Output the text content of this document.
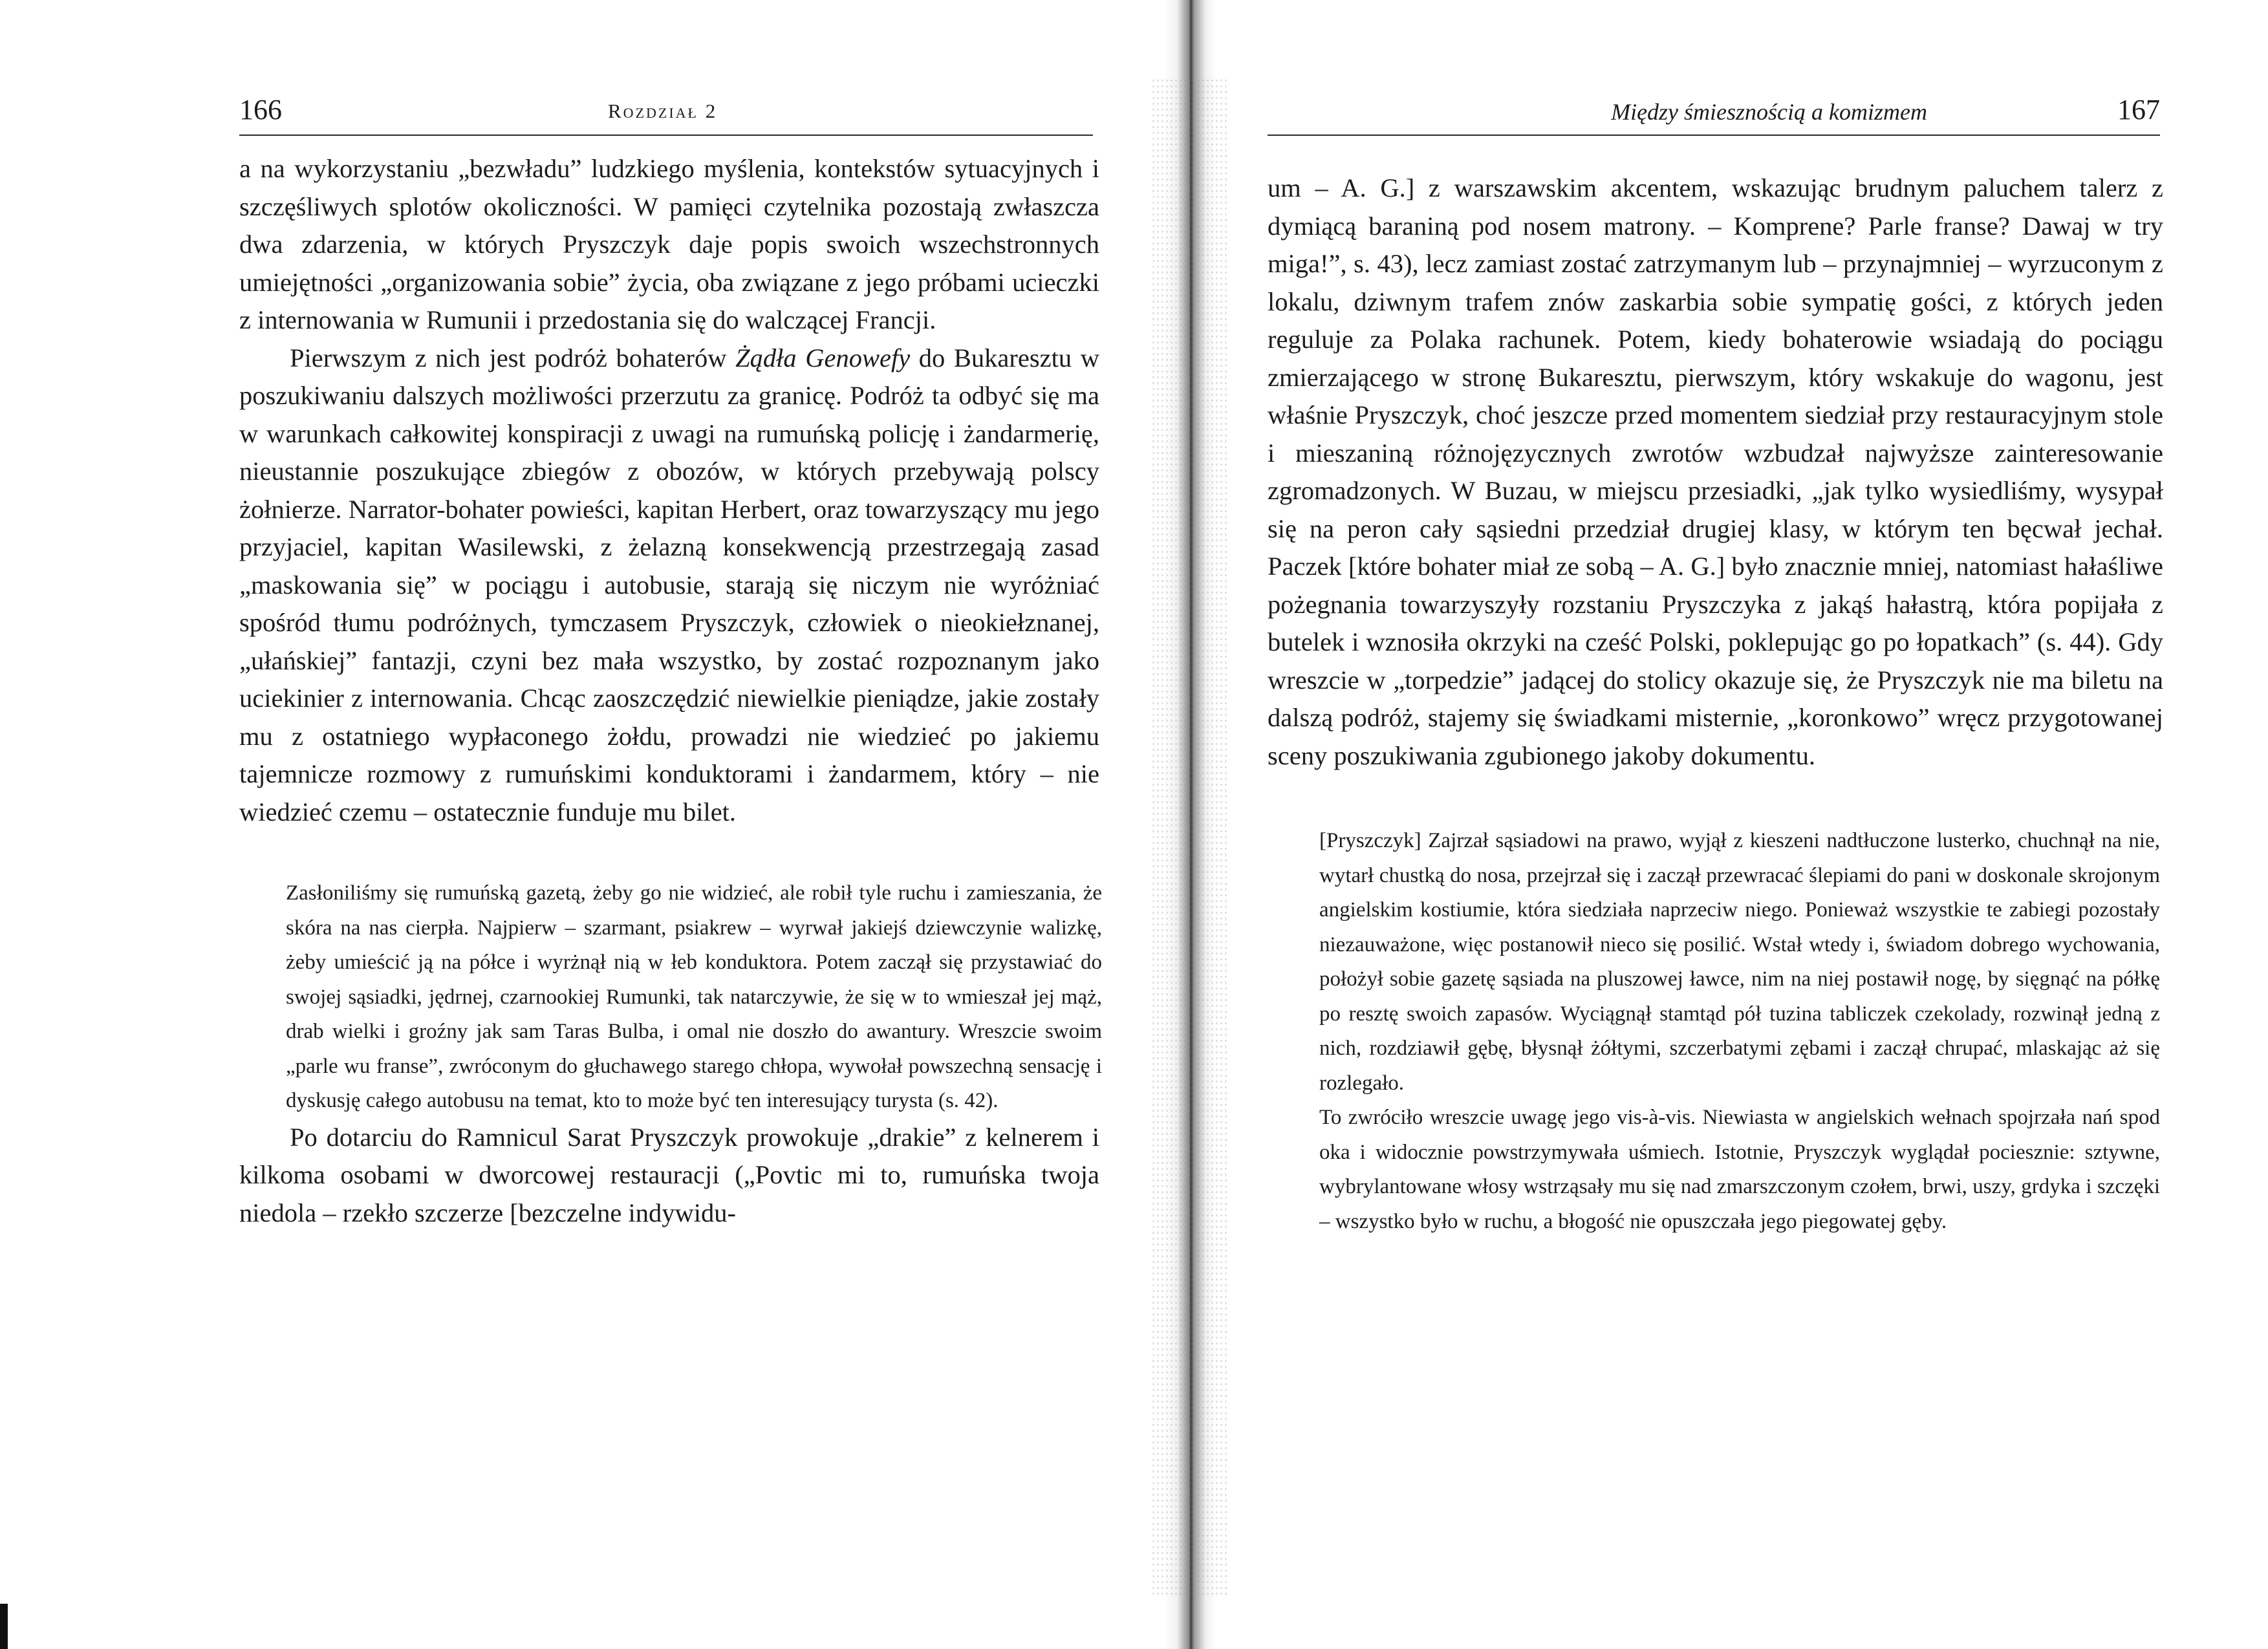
166	Rozdział 2

a na wykorzystaniu „bezwładu” ludzkiego myślenia, kontekstów sytuacyjnych i szczęśliwych splotów okoliczności. W pamięci czytelnika pozostają zwłaszcza dwa zdarzenia, w których Pryszczyk daje popis swoich wszechstronnych umiejętności „organizowania sobie” życia, oba związane z jego próbami ucieczki z internowania w Rumunii i przedostania się do walczącej Francji.

Pierwszym z nich jest podróż bohaterów Żądła Genowefy do Bukaresztu w poszukiwaniu dalszych możliwości przerzutu za granicę. Podróż ta odbyć się ma w warunkach całkowitej konspiracji z uwagi na rumuńską policję i żandarmerię, nieustannie poszukujące zbiegów z obozów, w których przebywają polscy żołnierze. Narrator-bohater powieści, kapitan Herbert, oraz towarzyszący mu jego przyjaciel, kapitan Wasilewski, z żelazną konsekwencją przestrzegają zasad „maskowania się” w pociągu i autobusie, starają się niczym nie wyróżniać spośród tłumu podróżnych, tymczasem Pryszczyk, człowiek o nieokiełznanej, „ułańskiej” fantazji, czyni bez mała wszystko, by zostać rozpoznanym jako uciekinier z internowania. Chcąc zaoszczędzić niewielkie pieniądze, jakie zostały mu z ostatniego wypłaconego żołdu, prowadzi nie wiedzieć po jakiemu tajemnicze rozmowy z rumuńskimi konduktorami i żandarmem, który – nie wiedzieć czemu – ostatecznie funduje mu bilet.

Zasłoniliśmy się rumuńską gazetą, żeby go nie widzieć, ale robił tyle ruchu i zamieszania, że skóra na nas cierpła. Najpierw – szarmant, psiakrew – wyrwał jakiejś dziewczynie walizkę, żeby umieścić ją na półce i wyrżnął nią w łeb konduktora. Potem zaczął się przystawiać do swojej sąsiadki, jędrnej, czarnookiej Rumunki, tak natarczywie, że się w to wmieszał jej mąż, drab wielki i groźny jak sam Taras Bulba, i omal nie doszło do awantury. Wreszcie swoim „parle wu franse”, zwróconym do głuchawego starego chłopa, wywołał powszechną sensację i dyskusję całego autobusu na temat, kto to może być ten interesujący turysta (s. 42).

Po dotarciu do Ramnicul Sarat Pryszczyk prowokuje „drakie” z kelnerem i kilkoma osobami w dworcowej restauracji („Povtic mi to, rumuńska twoja niedola – rzekło szczerze [bezczelne indywidu-

Między śmiesznością a komizmem	167

um – A. G.] z warszawskim akcentem, wskazując brudnym paluchem talerz z dymiącą baraniną pod nosem matrony. – Komprene? Parle franse? Dawaj w try miga!”, s. 43), lecz zamiast zostać zatrzymanym lub – przynajmniej – wyrzuconym z lokalu, dziwnym trafem znów zaskarbia sobie sympatię gości, z których jeden reguluje za Polaka rachunek. Potem, kiedy bohaterowie wsiadają do pociągu zmierzającego w stronę Bukaresztu, pierwszym, który wskakuje do wagonu, jest właśnie Pryszczyk, choć jeszcze przed momentem siedział przy restauracyjnym stole i mieszaniną różnojęzycznych zwrotów wzbudzał najwyższe zainteresowanie zgromadzonych. W Buzau, w miejscu przesiadki, „jak tylko wysiedliśmy, wysypał się na peron cały sąsiedni przedział drugiej klasy, w którym ten bęcwał jechał. Paczek [które bohater miał ze sobą – A. G.] było znacznie mniej, natomiast hałaśliwe pożegnania towarzyszyły rozstaniu Pryszczyka z jakąś hałastrą, która popijała z butelek i wznosiła okrzyki na cześć Polski, poklepując go po łopatkach” (s. 44). Gdy wreszcie w „torpedzie” jadącej do stolicy okazuje się, że Pryszczyk nie ma biletu na dalszą podróż, stajemy się świadkami misternie, „koronkowo” wręcz przygotowanej sceny poszukiwania zgubionego jakoby dokumentu.

[Pryszczyk] Zajrzał sąsiadowi na prawo, wyjął z kieszeni nadtłuczone lusterko, chuchnął na nie, wytarł chustką do nosa, przejrzał się i zaczął przewracać ślepiami do pani w doskonale skrojonym angielskim kostiumie, która siedziała naprzeciw niego. Ponieważ wszystkie te zabiegi pozostały niezauważone, więc postanowił nieco się posilić. Wstał wtedy i, świadom dobrego wychowania, położył sobie gazetę sąsiada na pluszowej ławce, nim na niej postawił nogę, by sięgnąć na półkę po resztę swoich zapasów. Wyciągnął stamtąd pół tuzina tabliczek czekolady, rozwinął jedną z nich, rozdziawił gębę, błysnął żółtymi, szczerbatymi zębami i zaczął chrupać, mlaskając aż się rozlegało.

To zwróciło wreszcie uwagę jego vis-à-vis. Niewiasta w angielskich wełnach spojrzała nań spod oka i widocznie powstrzymywała uśmiech. Istotnie, Pryszczyk wyglądał pociesznie: sztywne, wybrylantowane włosy wstrząsały mu się nad zmarszczonym czołem, brwi, uszy, grdyka i szczęki – wszystko było w ruchu, a błogość nie opuszczała jego piegowatej gęby.
